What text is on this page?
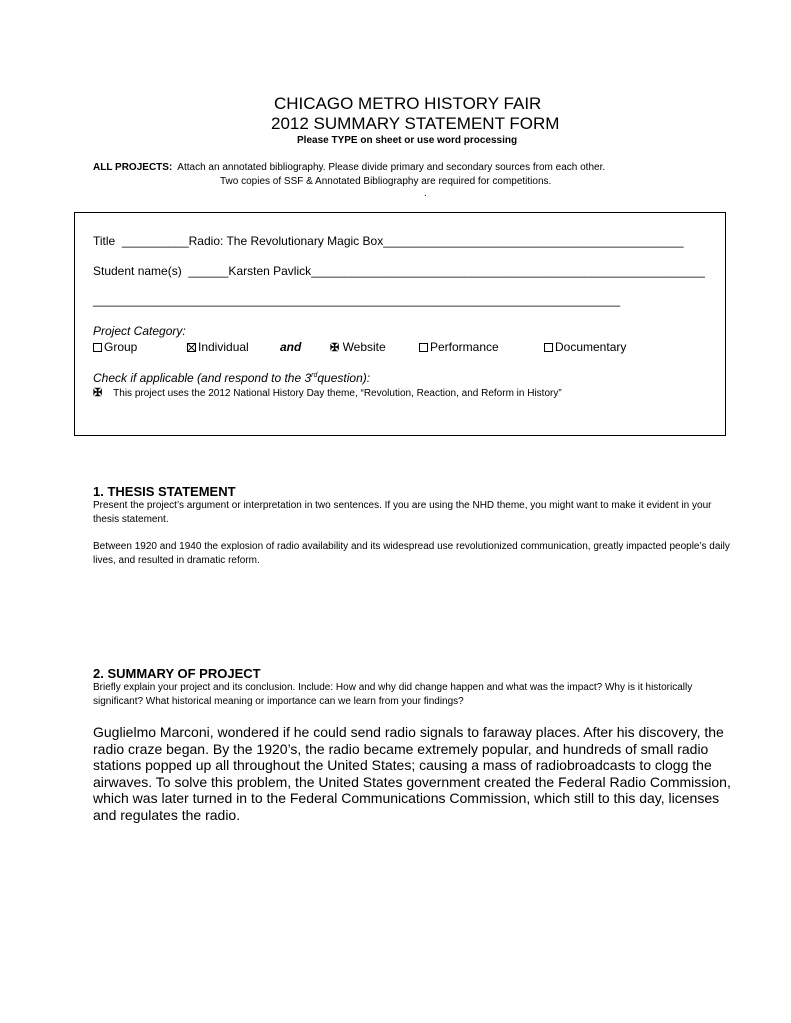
CHICAGO METRO HISTORY FAIR
2012 SUMMARY STATEMENT FORM
Please TYPE on sheet or use word processing
ALL PROJECTS: Attach an annotated bibliography. Please divide primary and secondary sources from each other.
Two copies of SSF & Annotated Bibliography are required for competitions.
.
Title __________Radio: The Revolutionary Magic Box_____________________________________________
Student name(s) ______Karsten Pavlick___________________________________________________________
_______________________________________________________________________________
Project Category:
Group	Individual	and	✠ Website	Performance	Documentary
Check if applicable (and respond to the 3rdquestion):
✠ This project uses the 2012 National History Day theme, “Revolution, Reaction, and Reform in History”
1. THESIS STATEMENT
Present the project’s argument or interpretation in two sentences. If you are using the NHD theme, you might want to make it evident in your thesis statement.
Between 1920 and 1940 the explosion of radio availability and its widespread use revolutionized communication, greatly impacted people’s daily lives, and resulted in dramatic reform.
2. SUMMARY OF PROJECT
Briefly explain your project and its conclusion. Include: How and why did change happen and what was the impact? Why is it historically significant? What historical meaning or importance can we learn from your findings?
Guglielmo Marconi, wondered if he could send radio signals to faraway places. After his discovery, the radio craze began. By the 1920’s, the radio became extremely popular, and hundreds of small radio stations popped up all throughout the United States; causing a mass of radiobroadcasts to clogg the airwaves. To solve this problem, the United States government created the Federal Radio Commission, which was later turned in to the Federal Communications Commission, which still to this day, licenses and regulates the radio.
